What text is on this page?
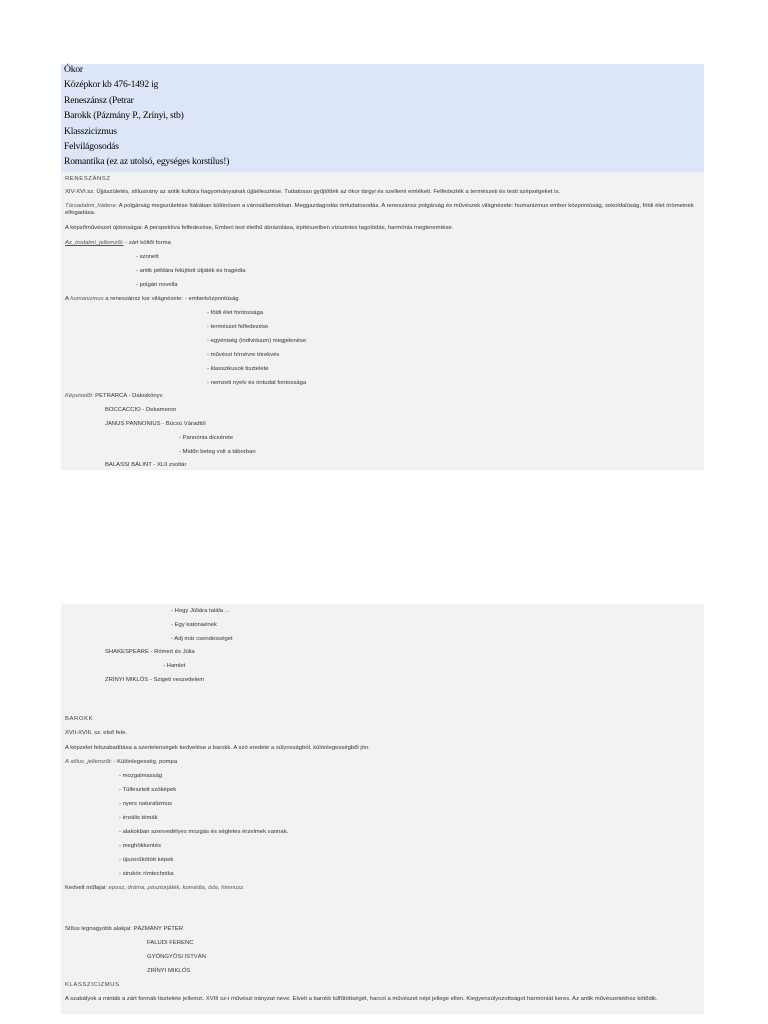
Ókor
Középkor kb 476-1492 ig
Reneszánsz (Petrar
Barokk (Pázmány P., Zrínyi, stb)
Klasszicizmus
Felvilágosodás
Romantika (ez az utolsó, egységes korstílus!)
RENESZÁNSZ
XIV-XVI.sz. Újjászületés, stílusirány az antik kultúra hagyományainak újjáélesztése. Tudatosan gyűjtötték az ókor tárgyi és szellemi emlékeit. Felfedezték a természeti és testi szépségeket is.
Társadalmi_háttere: A polgárság megszületése Itáliában különösen a városállamokban. Meggazdagodás önfudatosodás. A reneszánsz polgárság és művészek világnézete: humanizmus ember központúság, sokoldalúság, földi élet örömeinek elfogadása.
A képzőművészet újdonságai: A perspektíva felfedezése, Emberi test élethű ábrázolása, építészetben vízszintes tagolódás, harmónia megteremtése.
Az_irodalmi_jellemzői: - zárt költői forma
- szonett
- antik példára felújított útjáték és tragédia
- polgári novella
A humanizmus a reneszánsz kor világnézete: - emberközpontúság
- földi élet fontossága
- természet felfedezése
- egyéniség (individuum) megjelenése
- művészi hírnévre törekvés
- klasszikusok tisztelete
- nemzeti nyelv és öntudat fontossága
Képviselői: PETRARCA - Daloskönyv
BOCCACCIO - Dekameron
JANUS PANNONIUS - Búcsú Váradtól
- Pannónia dicsérete
- Midőn beteg volt a táborban
BALASSI BÁLINT - XLII zsoltár
- Hogy Júliára talála ...
- Egy katonaének
- Adj már csendességet
SHAKESPEARE - Rómeó és Júlia
- Hamlet
ZRÍNYI MIKLÓS - Szigeti veszedelem
BAROKK
XVII-XVIII. sz. első fele.
A képzelet felszabadítása a szertelenségek kedvelése a barokk. A szó eredete a súlyosságból, különlegességből jön.
A stílus_jellemzői: - Különlegesség, pompa
- mozgalmasság
- Túlfesztett szóképek
- nyers naturalizmus
- irreális témák
- alakokban szenvedélyes mozgás és ségletes érzelmek vannak.
- meghökkentés
- újszerűkötött képek
- strukóc rímtechnika
Kedvelt műfajai: eposz, dráma, pásztorjáték, komédia, óda, himnusz.
Stílus legnagyobb alakjai: PÁZMÁNY PÉTER
FALUDI FERENC
GYÖNGYÖSI ISTVÁN
ZRÍNYI MIKLÓS
KLASSZICIZMUS
A szabályok a minták a zárt formák tisztelete jellemzi. XVIII sz-i művészi irányzat neve. Elveti a barokk túlfűtöttségét, harcol a művészet népi jellege ellen. Kiegyensúlyozottságot harmóniát keres. Az antik művészetekhez kötődik.
